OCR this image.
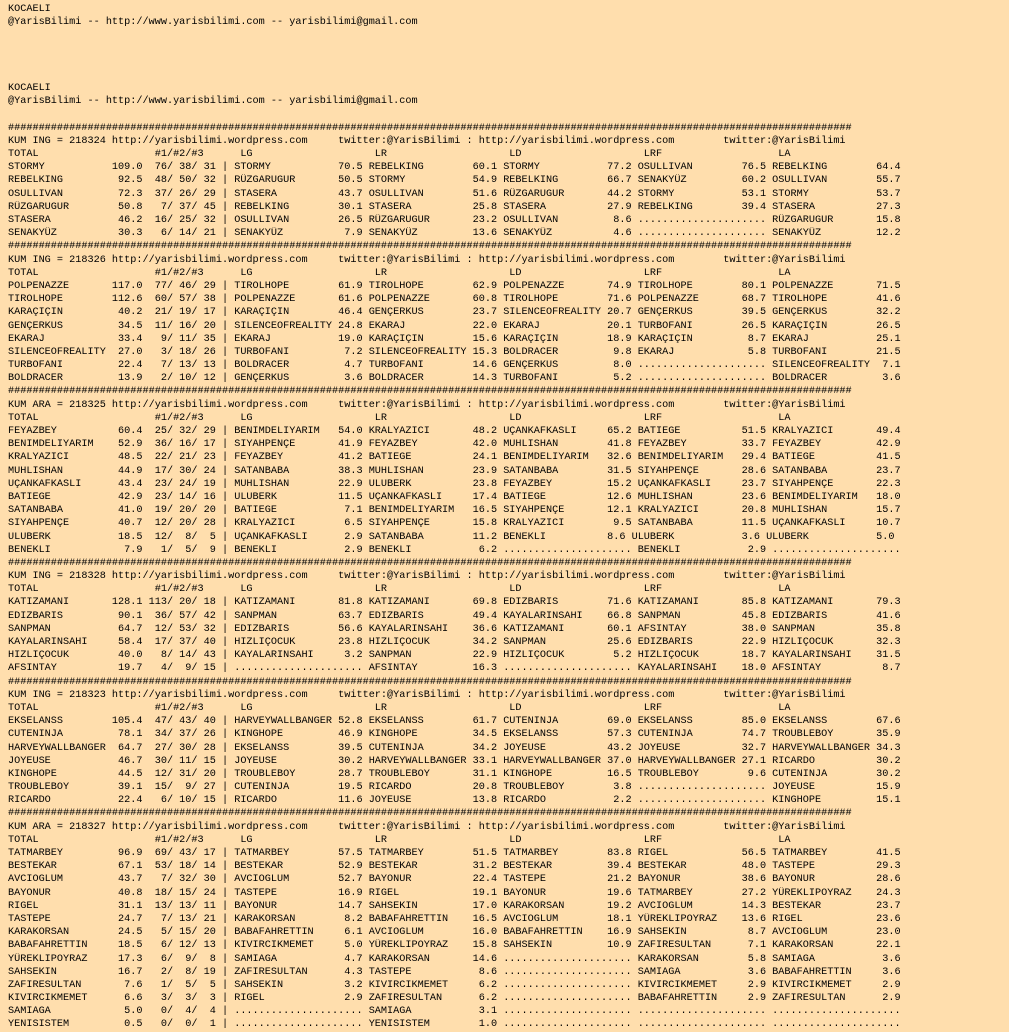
KOCAELI
@YarisBilimi -- http://www.yarisbilimi.com -- yarisbilimi@gmail.com
KOCAELI
@YarisBilimi -- http://www.yarisbilimi.com -- yarisbilimi@gmail.com
##########################################################################################################################################
KUM ING = 218324 http://yarisbilimi.wordpress.com     twitter:@YarisBilimi : http://yarisbilimi.wordpress.com        twitter:@YarisBilimi
TOTAL                   #1/#2/#3      LG                    LR                    LD                    LRF                   LA
STORMY           109.0  76/ 38/ 31 | STORMY           70.5 REBELKING        60.1 STORMY           77.2 OSULLIVAN        76.5 REBELKING        64.4
REBELKING         92.5  48/ 50/ 32 | RÜZGARUGUR       50.5 STORMY           54.9 REBELKING        66.7 SENAKYÜZ         60.2 OSULLIVAN        55.7
OSULLIVAN         72.3  37/ 26/ 29 | STASERA          43.7 OSULLIVAN        51.6 RÜZGARUGUR       44.2 STORMY           53.1 STORMY           53.7
RÜZGARUGUR        50.8   7/ 37/ 45 | REBELKING        30.1 STASERA          25.8 STASERA          27.9 REBELKING        39.4 STASERA          27.3
STASERA           46.2  16/ 25/ 32 | OSULLIVAN        26.5 RÜZGARUGUR       23.2 OSULLIVAN         8.6 ..................... RÜZGARUGUR       15.8
SENAKYÜZ          30.3   6/ 14/ 21 | SENAKYÜZ          7.9 SENAKYÜZ         13.6 SENAKYÜZ          4.6 ..................... SENAKYÜZ         12.2
##########################################################################################################################################
KUM ING = 218326 http://yarisbilimi.wordpress.com     twitter:@YarisBilimi : http://yarisbilimi.wordpress.com        twitter:@YarisBilimi
TOTAL                   #1/#2/#3      LG                    LR                    LD                    LRF                   LA
POLPENAZZE       117.0  77/ 46/ 29 | TIROLHOPE        61.9 TIROLHOPE        62.9 POLPENAZZE       74.9 TIROLHOPE        80.1 POLPENAZZE       71.5
TIROLHOPE        112.6  60/ 57/ 38 | POLPENAZZE       61.6 POLPENAZZE       60.8 TIROLHOPE        71.6 POLPENAZZE       68.7 TIROLHOPE        41.6
KARAÇIÇIN         40.2  21/ 19/ 17 | KARAÇIÇIN        46.4 GENÇERKUS        23.7 SILENCEOFREALITY 20.7 GENÇERKUS        39.5 GENÇERKUS        32.2
GENÇERKUS         34.5  11/ 16/ 20 | SILENCEOFREALITY 24.8 EKARAJ           22.0 EKARAJ           20.1 TURBOFANI        26.5 KARAÇIÇIN        26.5
EKARAJ            33.4   9/ 11/ 35 | EKARAJ           19.0 KARAÇIÇIN        15.6 KARAÇIÇIN        18.9 KARAÇIÇIN         8.7 EKARAJ           25.1
SILENCEOFREALITY  27.0   3/ 18/ 26 | TURBOFANI         7.2 SILENCEOFREALITY 15.3 BOLDRACER         9.8 EKARAJ            5.8 TURBOFANI        21.5
TURBOFANI         22.4   7/ 13/ 13 | BOLDRACER         4.7 TURBOFANI        14.6 GENÇERKUS         8.0 ..................... SILENCEOFREALITY  7.1
BOLDRACER         13.9   2/ 10/ 12 | GENÇERKUS         3.6 BOLDRACER        14.3 TURBOFANI         5.2 ..................... BOLDRACER         3.6
##########################################################################################################################################
KUM ARA = 218325 http://yarisbilimi.wordpress.com     twitter:@YarisBilimi : http://yarisbilimi.wordpress.com        twitter:@YarisBilimi
TOTAL                   #1/#2/#3      LG                    LR                    LD                    LRF                   LA
FEYAZBEY          60.4  25/ 32/ 29 | BENIMDELIYARIM   54.0 KRALYAZICI       48.2 UÇANKAFKASLI     65.2 BATIEGE          51.5 KRALYAZICI       49.4
BENIMDELIYARIM    52.9  36/ 16/ 17 | SIYAHPENÇE       41.9 FEYAZBEY         42.0 MUHLISHAN        41.8 FEYAZBEY         33.7 FEYAZBEY         42.9
KRALYAZICI        48.5  22/ 21/ 23 | FEYAZBEY         41.2 BATIEGE          24.1 BENIMDELIYARIM   32.6 BENIMDELIYARIM   29.4 BATIEGE          41.5
MUHLISHAN         44.9  17/ 30/ 24 | SATANBABA        38.3 MUHLISHAN        23.9 SATANBABA        31.5 SIYAHPENÇE       28.6 SATANBABA        23.7
UÇANKAFKASLI      43.4  23/ 24/ 19 | MUHLISHAN        22.9 ULUBERK          23.8 FEYAZBEY         15.2 UÇANKAFKASLI     23.7 SIYAHPENÇE       22.3
BATIEGE           42.9  23/ 14/ 16 | ULUBERK          11.5 UÇANKAFKASLI     17.4 BATIEGE          12.6 MUHLISHAN        23.6 BENIMDELIYARIM   18.0
SATANBABA         41.0  19/ 20/ 20 | BATIEGE           7.1 BENIMDELIYARIM   16.5 SIYAHPENÇE       12.1 KRALYAZICI       20.8 MUHLISHAN        15.7
SIYAHPENÇE        40.7  12/ 20/ 28 | KRALYAZICI        6.5 SIYAHPENÇE       15.8 KRALYAZICI        9.5 SATANBABA        11.5 UÇANKAFKASLI     10.7
ULUBERK           18.5  12/  8/  5 | UÇANKAFKASLI      2.9 SATANBABA        11.2 BENEKLI          8.6 ULUBERK           3.6 ULUBERK           5.0
BENEKLI            7.9   1/  5/  9 | BENEKLI           2.9 BENEKLI           6.2 ..................... BENEKLI           2.9 .....................
##########################################################################################################################################
KUM ING = 218328 http://yarisbilimi.wordpress.com     twitter:@YarisBilimi : http://yarisbilimi.wordpress.com        twitter:@YarisBilimi
TOTAL                   #1/#2/#3      LG                    LR                    LD                    LRF                   LA
KATIZAMANI       128.1 113/ 20/ 18 | KATIZAMANI       81.8 KATIZAMANI       69.8 EDIZBARIS        71.6 KATIZAMANI       85.8 KATIZAMANI       79.3
EDIZBARIS         90.1  36/ 57/ 42 | SANPMAN          63.7 EDIZBARIS        49.4 KAYALARINSAHI    66.8 SANPMAN          45.8 EDIZBARIS        41.6
SANPMAN           64.7  12/ 53/ 32 | EDIZBARIS        56.6 KAYALARINSAHI    36.6 KATIZAMANI       60.1 AFSINTAY         38.0 SANPMAN          35.8
KAYALARINSAHI     58.4  17/ 37/ 40 | HIZLIÇOCUK       23.8 HIZLIÇOCUK       34.2 SANPMAN          25.6 EDIZBARIS        22.9 HIZLIÇOCUK       32.3
HIZLIÇOCUK        40.0   8/ 14/ 43 | KAYALARINSAHI     3.2 SANPMAN          22.9 HIZLIÇOCUK        5.2 HIZLIÇOCUK       18.7 KAYALARINSAHI    31.5
AFSINTAY          19.7   4/  9/ 15 | ..................... AFSINTAY         16.3 ..................... KAYALARINSAHI    18.0 AFSINTAY          8.7
##########################################################################################################################################
KUM ING = 218323 http://yarisbilimi.wordpress.com     twitter:@YarisBilimi : http://yarisbilimi.wordpress.com        twitter:@YarisBilimi
TOTAL                   #1/#2/#3      LG                    LR                    LD                    LRF                   LA
EKSELANSS        105.4  47/ 43/ 40 | HARVEYWALLBANGER 52.8 EKSELANSS        61.7 CUTENINJA        69.0 EKSELANSS        85.0 EKSELANSS        67.6
CUTENINJA         78.1  34/ 37/ 26 | KINGHOPE         46.9 KINGHOPE         34.5 EKSELANSS        57.3 CUTENINJA        74.7 TROUBLEBOY       35.9
HARVEYWALLBANGER  64.7  27/ 30/ 28 | EKSELANSS        39.5 CUTENINJA        34.2 JOYEUSE          43.2 JOYEUSE          32.7 HARVEYWALLBANGER 34.3
JOYEUSE           46.7  30/ 11/ 15 | JOYEUSE          30.2 HARVEYWALLBANGER 33.1 HARVEYWALLBANGER 37.0 HARVEYWALLBANGER 27.1 RICARDO          30.2
KINGHOPE          44.5  12/ 31/ 20 | TROUBLEBOY       28.7 TROUBLEBOY       31.1 KINGHOPE         16.5 TROUBLEBOY        9.6 CUTENINJA        30.2
TROUBLEBOY        39.1  15/  9/ 27 | CUTENINJA        19.5 RICARDO          20.8 TROUBLEBOY        3.8 ..................... JOYEUSE          15.9
RICARDO           22.4   6/ 10/ 15 | RICARDO          11.6 JOYEUSE          13.8 RICARDO           2.2 ..................... KINGHOPE         15.1
##########################################################################################################################################
KUM ARA = 218327 http://yarisbilimi.wordpress.com     twitter:@YarisBilimi : http://yarisbilimi.wordpress.com        twitter:@YarisBilimi
TOTAL                   #1/#2/#3      LG                    LR                    LD                    LRF                   LA
TATMARBEY         96.9  69/ 43/ 17 | TATMARBEY        57.5 TATMARBEY        51.5 TATMARBEY        83.8 RIGEL            56.5 TATMARBEY        41.5
BESTEKAR          67.1  53/ 18/ 14 | BESTEKAR         52.9 BESTEKAR         31.2 BESTEKAR         39.4 BESTEKAR         48.0 TASTEPE          29.3
AVCIOGLUM         43.7   7/ 32/ 30 | AVCIOGLUM        52.7 BAYONUR          22.4 TASTEPE          21.2 BAYONUR          38.6 BAYONUR          28.6
BAYONUR           40.8  18/ 15/ 24 | TASTEPE          16.9 RIGEL            19.1 BAYONUR          19.6 TATMARBEY        27.2 YÜREKLIPOYRAZ    24.3
RIGEL             31.1  13/ 13/ 11 | BAYONUR          14.7 SAHSEKIN         17.0 KARAKORSAN       19.2 AVCIOGLUM        14.3 BESTEKAR         23.7
TASTEPE           24.7   7/ 13/ 21 | KARAKORSAN        8.2 BABAFAHRETTIN    16.5 AVCIOGLUM        18.1 YÜREKLIPOYRAZ    13.6 RIGEL            23.6
KARAKORSAN        24.5   5/ 15/ 20 | BABAFAHRETTIN     6.1 AVCIOGLUM        16.0 BABAFAHRETTIN    16.9 SAHSEKIN          8.7 AVCIOGLUM        23.0
BABAFAHRETTIN     18.5   6/ 12/ 13 | KIVIRCIKMEMET     5.0 YÜREKLIPOYRAZ    15.8 SAHSEKIN         10.9 ZAFIRESULTAN      7.1 KARAKORSAN       22.1
YÜREKLIPOYRAZ     17.3   6/  9/  8 | SAMIAGA           4.7 KARAKORSAN       14.6 ..................... KARAKORSAN        5.8 SAMIAGA           3.6
SAHSEKIN          16.7   2/  8/ 19 | ZAFIRESULTAN      4.3 TASTEPE           8.6 ..................... SAMIAGA           3.6 BABAFAHRETTIN     3.6
ZAFIRESULTAN       7.6   1/  5/  5 | SAHSEKIN          3.2 KIVIRCIKMEMET     6.2 ..................... KIVIRCIKMEMET     2.9 KIVIRCIKMEMET     2.9
KIVIRCIKMEMET      6.6   3/  3/  3 | RIGEL             2.9 ZAFIRESULTAN      6.2 ..................... BABAFAHRETTIN     2.9 ZAFIRESULTAN      2.9
SAMIAGA            5.0   0/  4/  4 | ..................... SAMIAGA           3.1 ..................... ..................... .....................
YENISISTEM         0.5   0/  0/  1 | ..................... YENISISTEM        1.0 ..................... ..................... .....................
